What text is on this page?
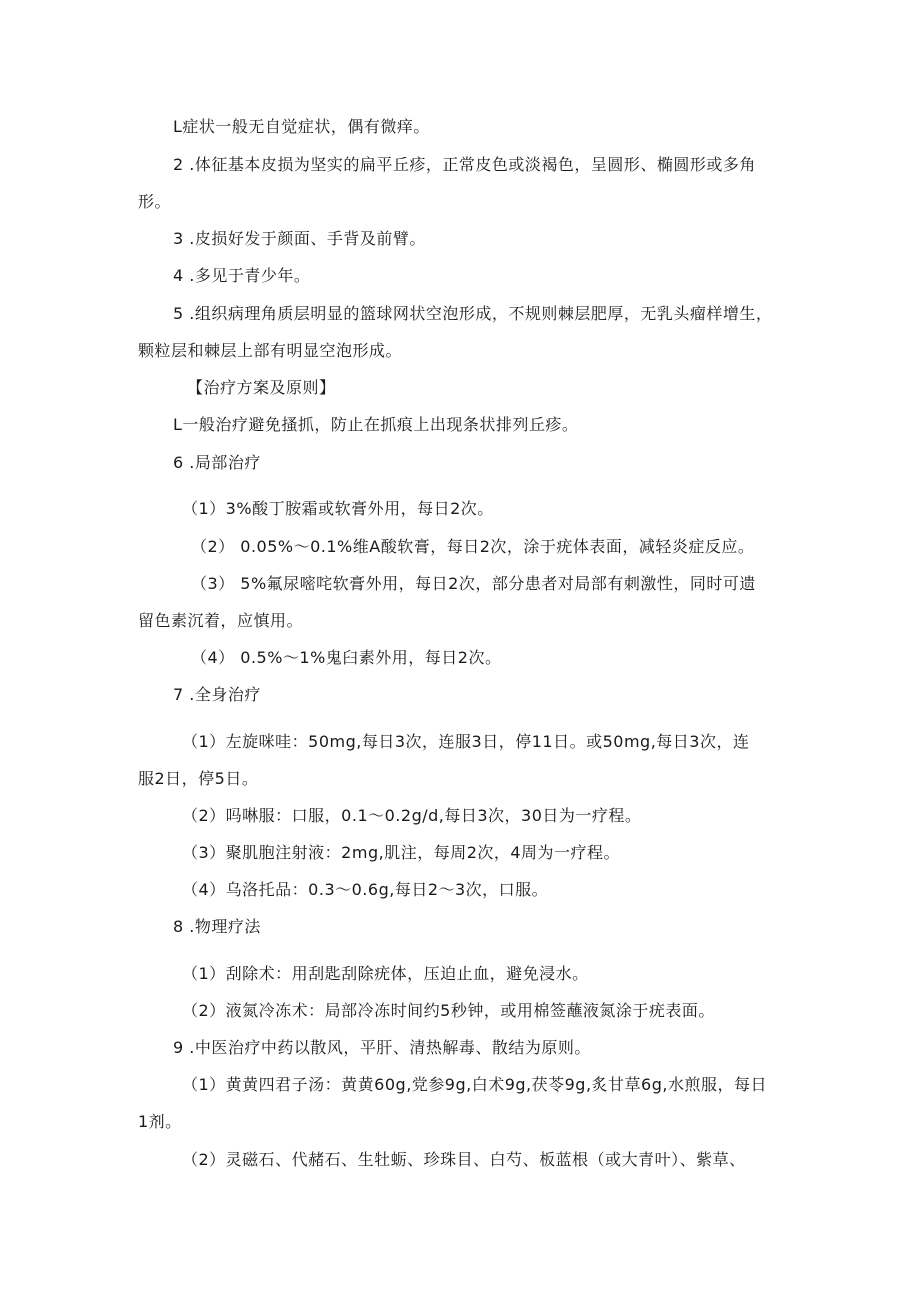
L症状一般无自觉症状，偶有微痒。
2 .体征基本皮损为坚实的扁平丘疹，正常皮色或淡褐色，呈圆形、椭圆形或多角
形。
3 .皮损好发于颜面、手背及前臂。
4 .多见于青少年。
5 .组织病理角质层明显的篮球网状空泡形成，不规则棘层肥厚，无乳头瘤样增生，
颗粒层和棘层上部有明显空泡形成。
【治疗方案及原则】
L一般治疗避免搔抓，防止在抓痕上出现条状排列丘疹。
6 .局部治疗
（1）3%酸丁胺霜或软膏外用，每日2次。
（2） 0.05%～0.1%维A酸软膏，每日2次，涂于疣体表面，减轻炎症反应。
（3） 5%氟尿嘧咤软膏外用，每日2次，部分患者对局部有刺激性，同时可遗
留色素沉着，应慎用。
（4） 0.5%～1%鬼臼素外用，每日2次。
7 .全身治疗
（1）左旋咪哇：50mg,每日3次，连服3日，停11日。或50mg,每日3次，连
服2日，停5日。
（2）吗啉服：口服，0.1～0.2g/d,每日3次，30日为一疗程。
（3）聚肌胞注射液：2mg,肌注，每周2次，4周为一疗程。
（4）乌洛托品：0.3～0.6g,每日2～3次，口服。
8 .物理疗法
（1）刮除术：用刮匙刮除疣体，压迫止血，避免浸水。
（2）液氮冷冻术：局部冷冻时间约5秒钟，或用棉签蘸液氮涂于疣表面。
9 .中医治疗中药以散风，平肝、清热解毒、散结为原则。
（1）黄黄四君子汤：黄黄60g,党参9g,白术9g,茯苓9g,炙甘草6g,水煎服，每日
1剂。
（2）灵磁石、代赭石、生牡蛎、珍珠目、白芍、板蓝根（或大青叶）、紫草、
